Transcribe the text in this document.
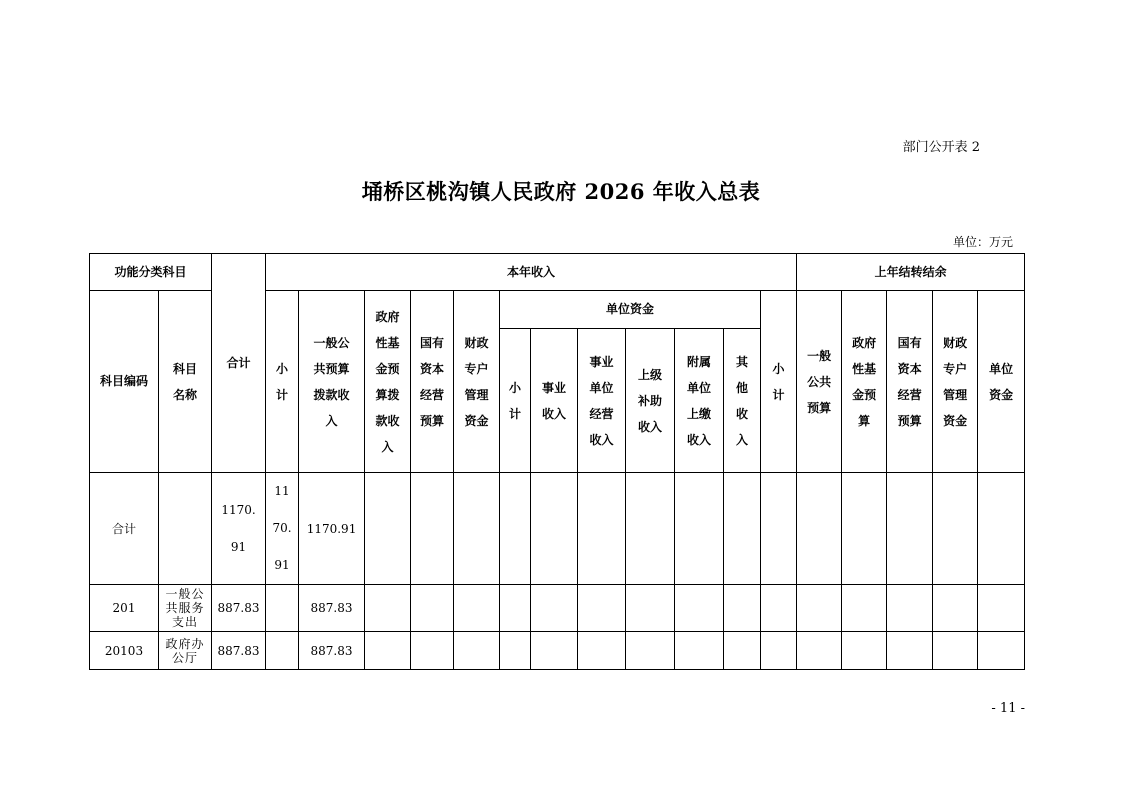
部门公开表 2
埇桥区桃沟镇人民政府 2026 年收入总表
单位：万元
功能分类科目		合计	本年收入												上年结转结余				
科目编码	科目名称		小计	一般公共预算拨款收入	政府性基金预算拨款收入	国有资本经营预算	财政专户管理资金	单位资金						小计	一般公共预算	政府性基金预算	国有资本经营预算	财政专户管理资金	单位资金
								小计	事业收入	事业单位经营收入	上级补助收入	附属单位上缴收入	其他收入						
合计		1170.91	1170.91	1170.91															
201	一般公共服务支出	887.83		887.83															
20103	政府办公厅	887.83		887.83															
- 11 -
